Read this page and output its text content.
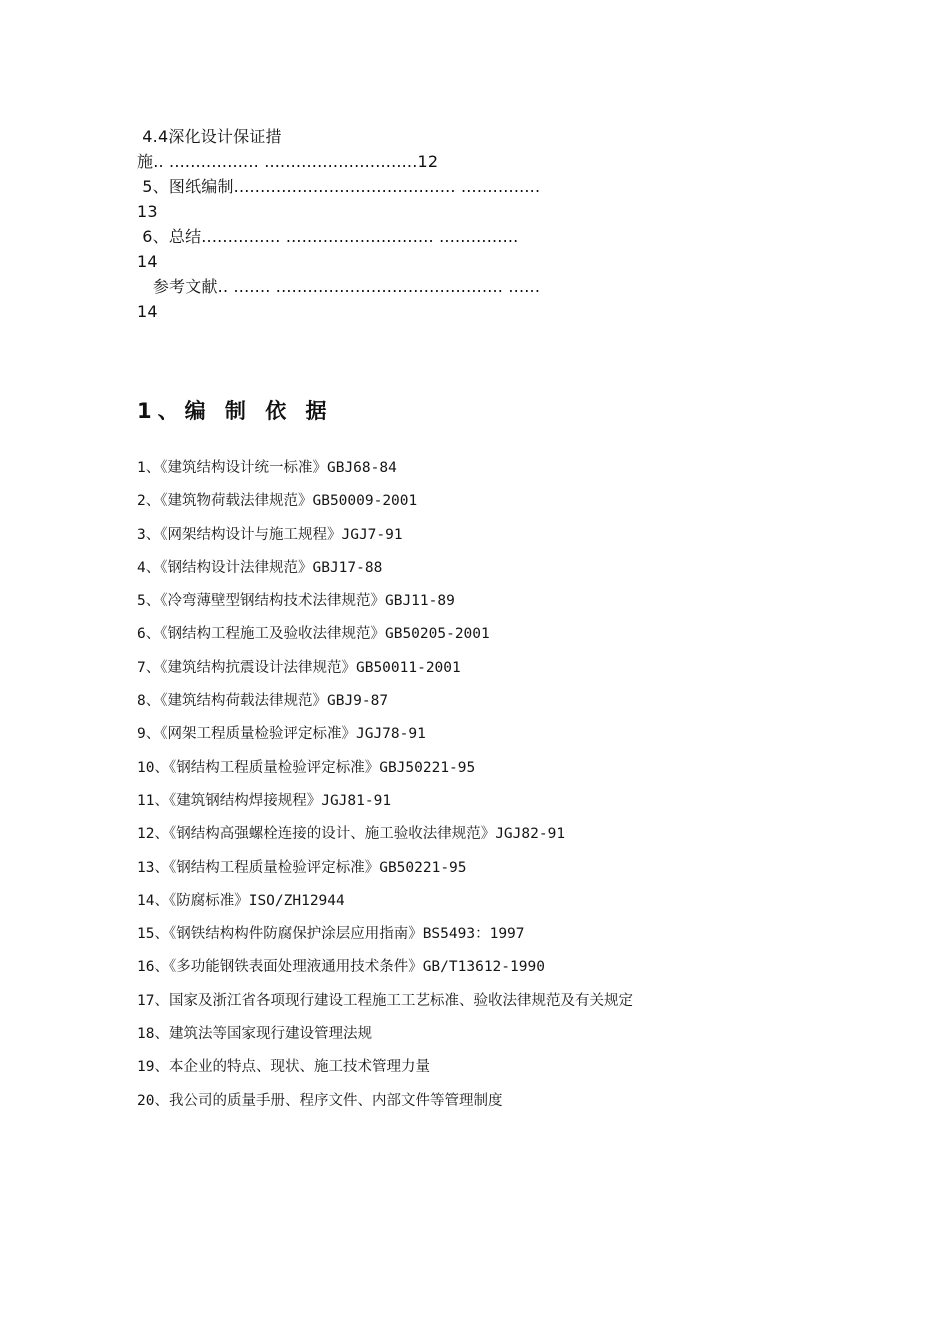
4.4深化设计保证措
施.. ................. .............................12
5、图纸编制.......................................... ...............
13
6、总结............... ............................ ...............
14
参考文献.. ....... ........................................... ......
14
1、编 制 依 据
1、《建筑结构设计统一标准》GBJ68-84
2、《建筑物荷载法律规范》GB50009-2001
3、《网架结构设计与施工规程》JGJ7-91
4、《钢结构设计法律规范》GBJ17-88
5、《冷弯薄壁型钢结构技术法律规范》GBJ11-89
6、《钢结构工程施工及验收法律规范》GB50205-2001
7、《建筑结构抗震设计法律规范》GB50011-2001
8、《建筑结构荷载法律规范》GBJ9-87
9、《网架工程质量检验评定标准》JGJ78-91
10、《钢结构工程质量检验评定标准》GBJ50221-95
11、《建筑钢结构焊接规程》JGJ81-91
12、《钢结构高强螺栓连接的设计、施工验收法律规范》JGJ82-91
13、《钢结构工程质量检验评定标准》GB50221-95
14、《防腐标准》ISO/ZH12944
15、《钢铁结构构件防腐保护涂层应用指南》BS5493：1997
16、《多功能钢铁表面处理液通用技术条件》GB/T13612-1990
17、国家及浙江省各项现行建设工程施工工艺标准、验收法律规范及有关规定
18、建筑法等国家现行建设管理法规
19、本企业的特点、现状、施工技术管理力量
20、我公司的质量手册、程序文件、内部文件等管理制度
